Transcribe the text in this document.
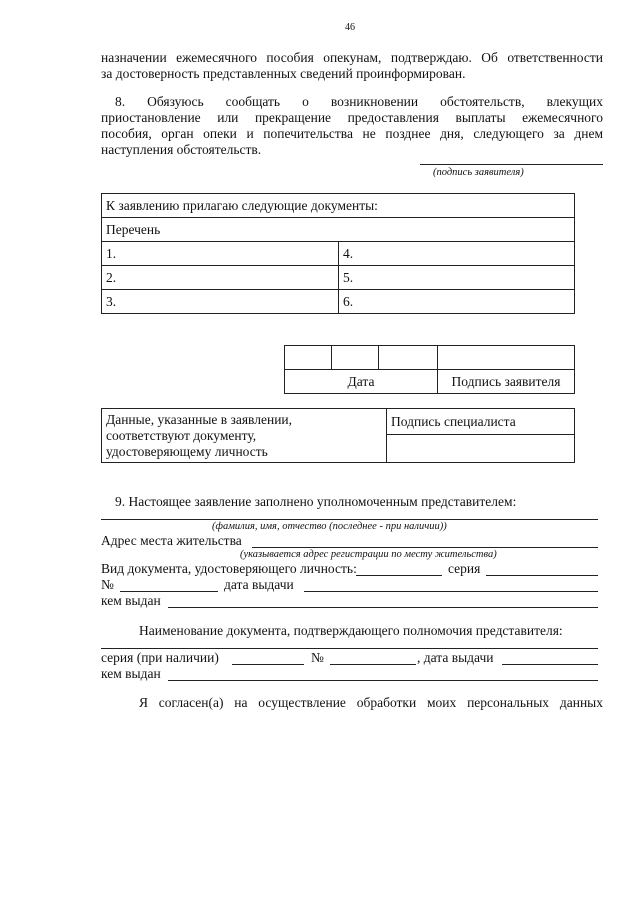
46
назначении ежемесячного пособия опекунам, подтверждаю. Об ответственности
за достоверность представленных сведений проинформирован.
8. Обязуюсь сообщать о возникновении обстоятельств, влекущих
приостановление или прекращение предоставления выплаты ежемесячного
пособия, орган опеки и попечительства не позднее дня, следующего за днем
наступления обстоятельств.
(подпись заявителя)
К заявлению прилагаю следующие документы:	
Перечень	
1.	4.
2.	5.
3.	6.

Дата			Подпись заявителя
Данные, указанные в заявлении,
соответствуют документу,
удостоверяющему личность
	Подпись специалиста

9. Настоящее заявление заполнено уполномоченным представителем:
(фамилия, имя, отчество (последнее - при наличии))
Адрес места жительства
(указывается адрес регистрации по месту жительства)
Вид документа, удостоверяющего личность:	серия
№	дата выдачи
кем выдан
Наименование документа, подтверждающего полномочия представителя:
серия (при наличии)	№	, дата выдачи
кем выдан
Я согласен(а) на осуществление обработки моих персональных данных
